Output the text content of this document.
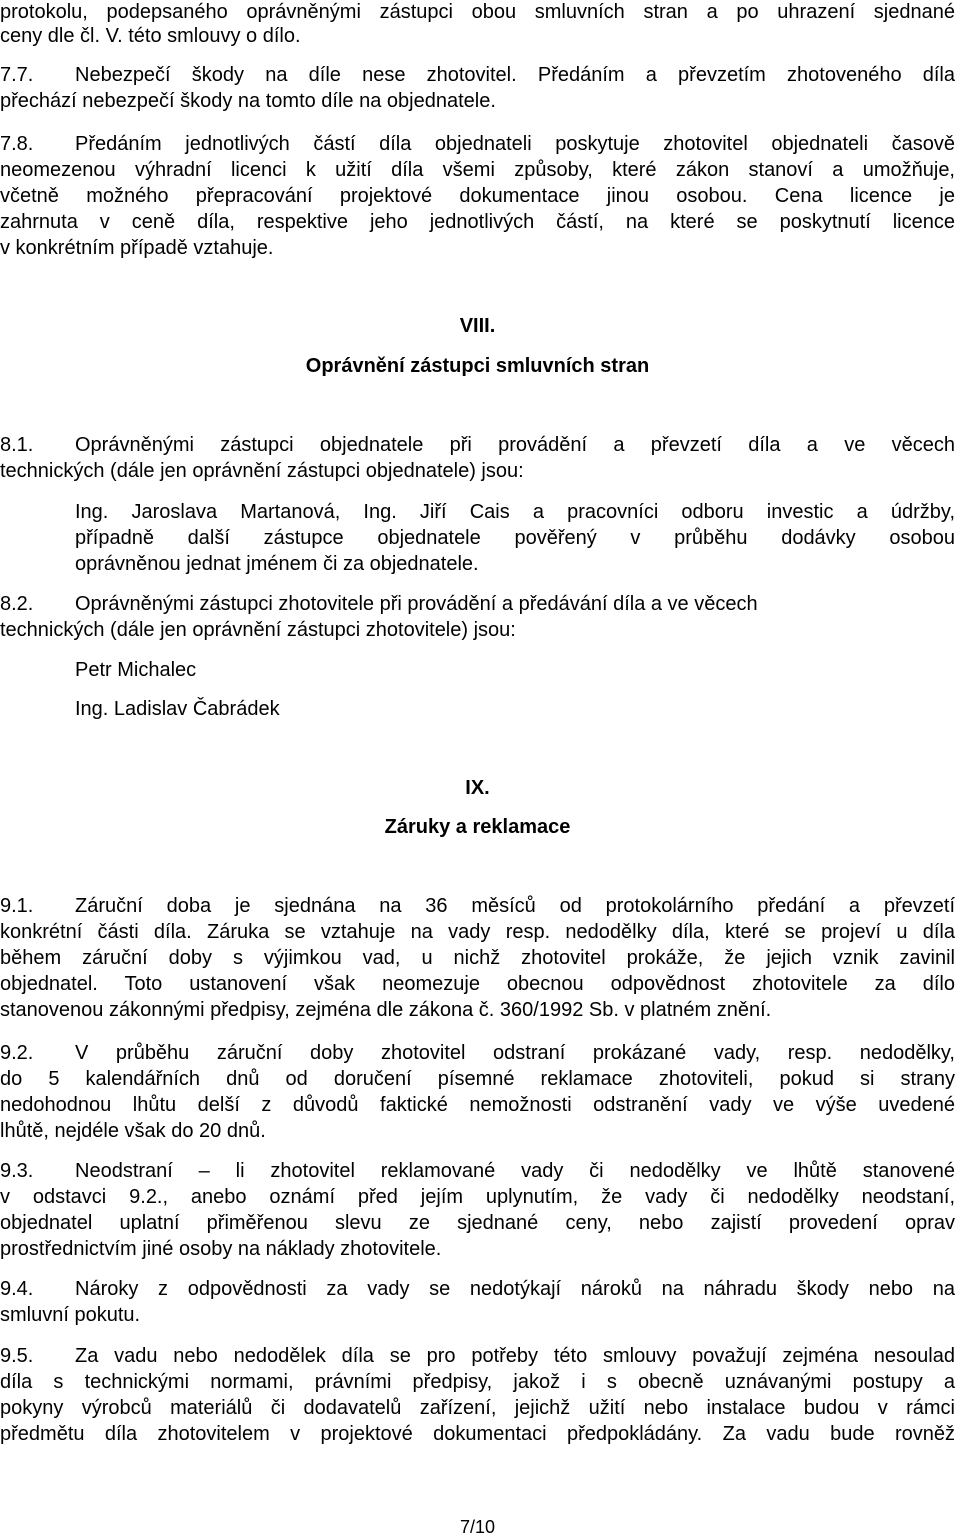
protokolu, podepsaného oprávněnými zástupci obou smluvních stran a po uhrazení sjednané
ceny dle čl. V. této smlouvy o dílo.
7.7. Nebezpečí škody na díle nese zhotovitel. Předáním a převzetím zhotoveného díla
přechází nebezpečí škody na tomto díle na objednatele.
7.8. Předáním jednotlivých částí díla objednateli poskytuje zhotovitel objednateli časově
neomezenou výhradní licenci k užití díla všemi způsoby, které zákon stanoví a umožňuje,
včetně možného přepracování projektové dokumentace jinou osobou. Cena licence je
zahrnuta v ceně díla, respektive jeho jednotlivých částí, na které se poskytnutí licence
v konkrétním případě vztahuje.
VIII.
Oprávnění zástupci smluvních stran
8.1. Oprávněnými zástupci objednatele při provádění a převzetí díla a ve věcech
technických (dále jen oprávnění zástupci objednatele) jsou:
Ing. Jaroslava Martanová, Ing. Jiří Cais a pracovníci odboru investic a údržby,
případně další zástupce objednatele pověřený v průběhu dodávky osobou
oprávněnou jednat jménem či za objednatele.
8.2. Oprávněnými zástupci zhotovitele při provádění a předávání díla a ve věcech
technických (dále jen oprávnění zástupci zhotovitele) jsou:
Petr Michalec
Ing. Ladislav Čabrádek
IX.
Záruky a reklamace
9.1. Záruční doba je sjednána na 36 měsíců od protokolárního předání a převzetí
konkrétní části díla. Záruka se vztahuje na vady resp. nedodělky díla, které se projeví u díla
během záruční doby s výjimkou vad, u nichž zhotovitel prokáže, že jejich vznik zavinil
objednatel. Toto ustanovení však neomezuje obecnou odpovědnost zhotovitele za dílo
stanovenou zákonnými předpisy, zejména dle zákona č. 360/1992 Sb. v platném znění.
9.2. V průběhu záruční doby zhotovitel odstraní prokázané vady, resp. nedodělky,
do 5 kalendářních dnů od doručení písemné reklamace zhotoviteli, pokud si strany
nedohodnou lhůtu delší z důvodů faktické nemožnosti odstranění vady ve výše uvedené
lhůtě, nejdéle však do 20 dnů.
9.3. Neodstraní – li zhotovitel reklamované vady či nedodělky ve lhůtě stanovené
v odstavci 9.2., anebo oznámí před jejím uplynutím, že vady či nedodělky neodstaní,
objednatel uplatní přiměřenou slevu ze sjednané ceny, nebo zajistí provedení oprav
prostřednictvím jiné osoby na náklady zhotovitele.
9.4. Nároky z odpovědnosti za vady se nedotýkají nároků na náhradu škody nebo na
smluvní pokutu.
9.5. Za vadu nebo nedodělek díla se pro potřeby této smlouvy považují zejména nesoulad
díla s technickými normami, právními předpisy, jakož i s obecně uznávanými postupy a
pokyny výrobců materiálů či dodavatelů zařízení, jejichž užití nebo instalace budou v rámci
předmětu díla zhotovitelem v projektové dokumentaci předpokládány. Za vadu bude rovněž
7/10
